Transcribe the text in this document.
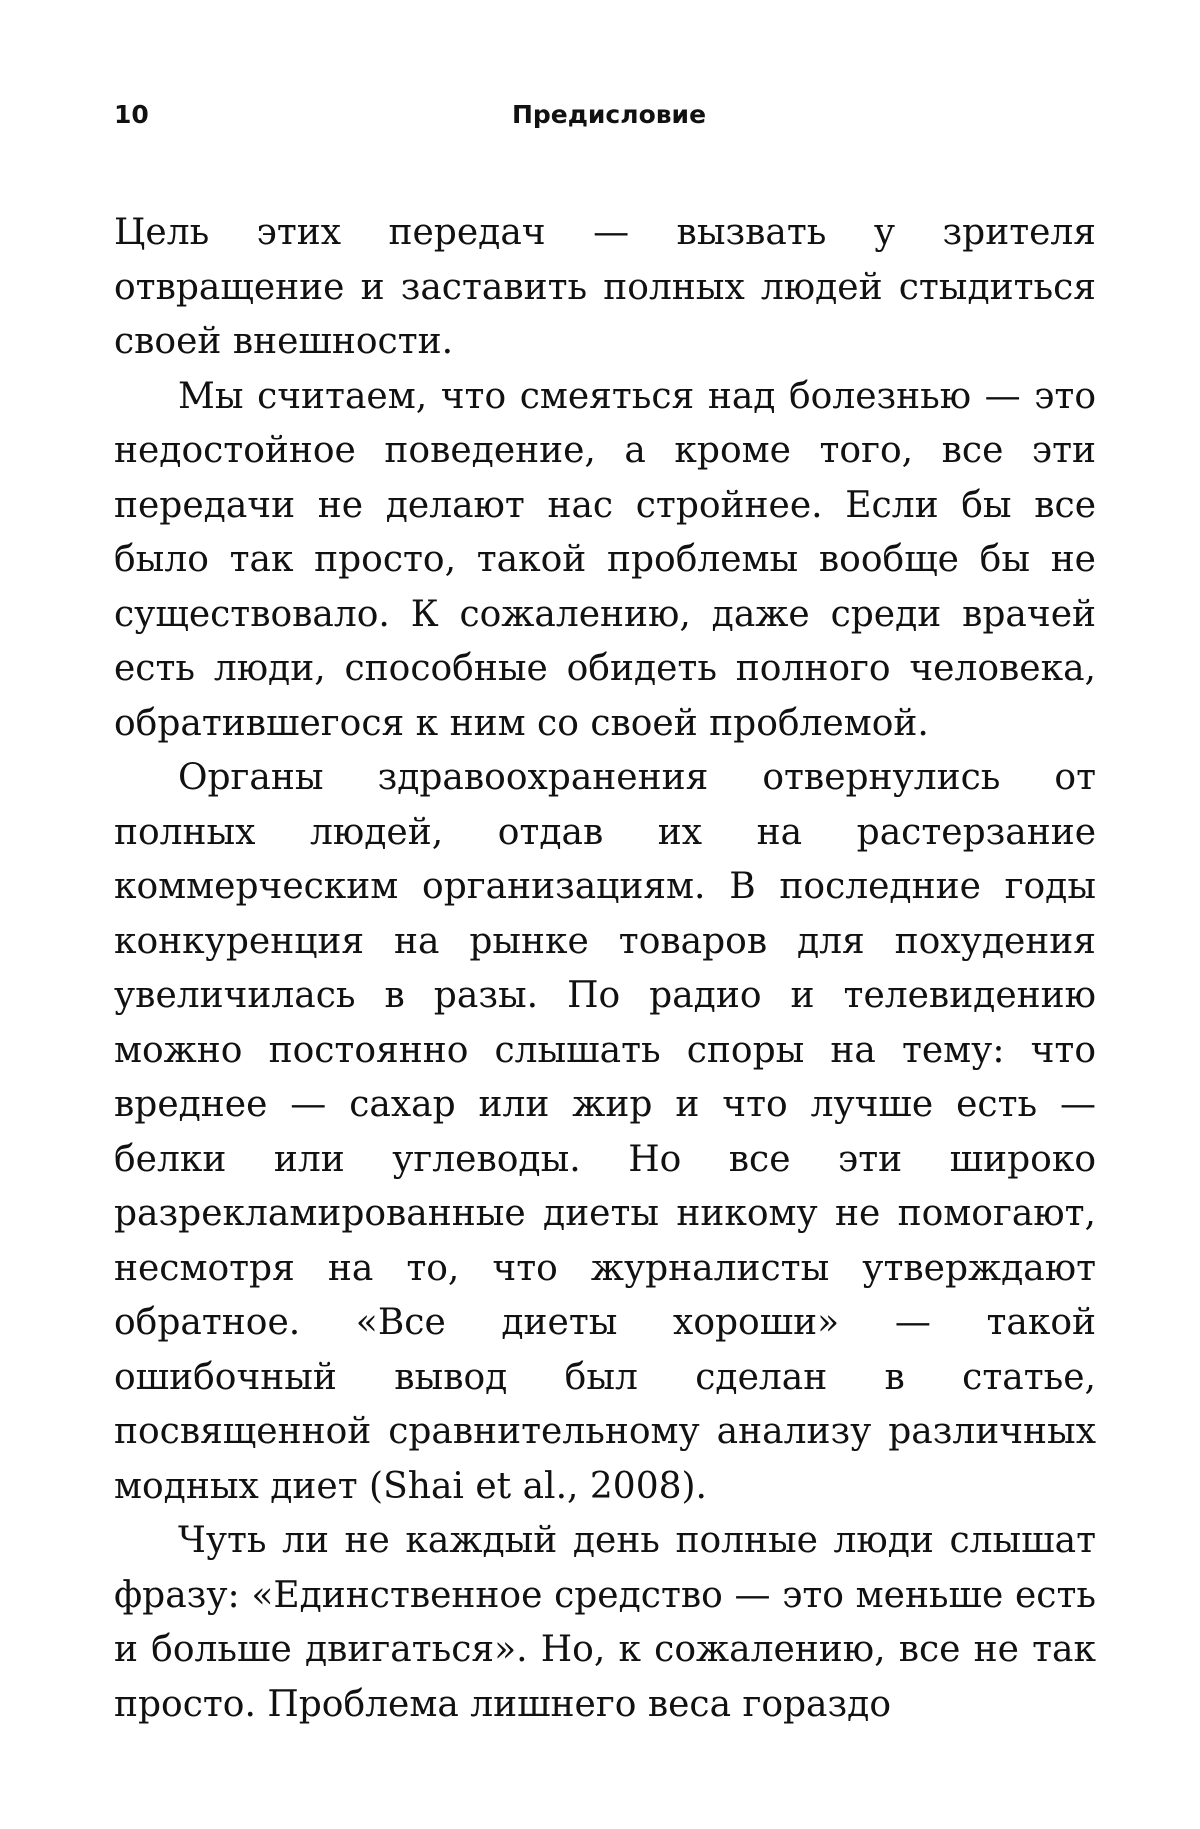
10	Предисловие

Цель этих передач — вызвать у зрителя отвращение и заставить полных людей стыдиться своей внешности.

Мы считаем, что смеяться над болезнью — это недостойное поведение, а кроме того, все эти передачи не делают нас стройнее. Если бы все было так просто, такой проблемы вообще бы не существовало. К сожалению, даже среди врачей есть люди, способные обидеть полного человека, обратившегося к ним со своей проблемой.

Органы здравоохранения отвернулись от полных людей, отдав их на растерзание коммерческим организациям. В последние годы конкуренция на рынке товаров для похудения увеличилась в разы. По радио и телевидению можно постоянно слышать споры на тему: что вреднее — сахар или жир и что лучше есть — белки или углеводы. Но все эти широко разрекламированные диеты никому не помогают, несмотря на то, что журналисты утверждают обратное. «Все диеты хороши» — такой ошибочный вывод был сделан в статье, посвященной сравнительному анализу различных модных диет (Shai et al., 2008).

Чуть ли не каждый день полные люди слышат фразу: «Единственное средство — это меньше есть и больше двигаться». Но, к сожалению, все не так просто. Проблема лишнего веса гораздо
